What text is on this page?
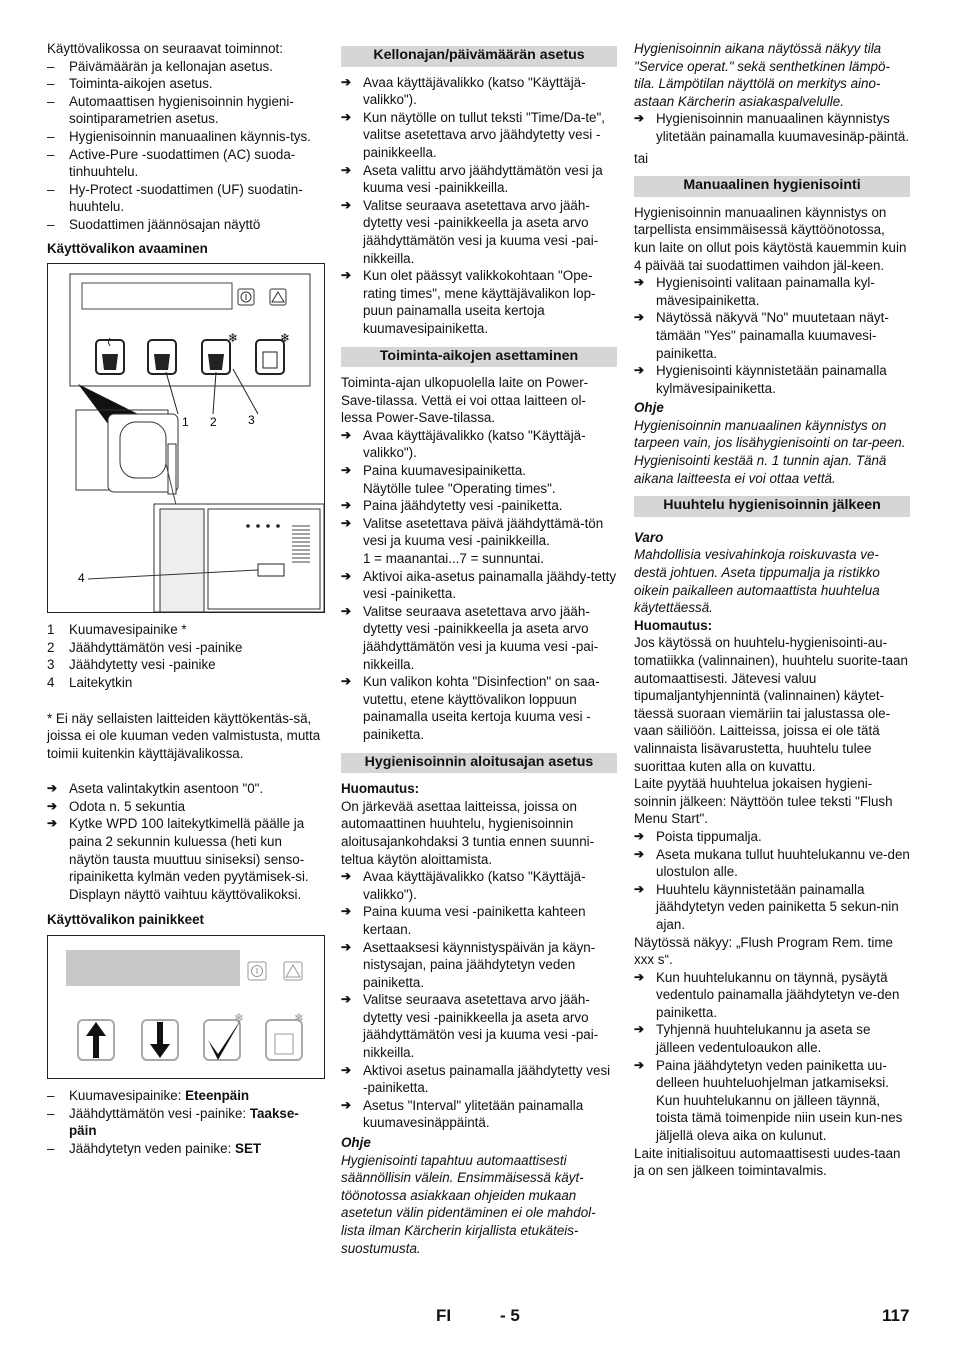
Käyttövalikossa on seuraavat toiminnot:

–	Päivämäärän ja kellonajan asetus.
–	Toiminta-aikojen asetus.
–	Automaattisen hygienisoinnin hygieni-sointiparametrien asetus.
–	Hygienisoinnin manuaalinen käynnis-tys.
–	Active-Pure -suodattimen (AC) suoda-tinhuuhtelu.
–	Hy-Protect -suodattimen (UF) suodatin-huuhtelu.
–	Suodattimen jäännösajan näyttö

Käyttövalikon avaaminen

❄	❄
1 2	3
4
1	Kuumavesipainike *
2	Jäähdyttämätön vesi -painike
3	Jäähdytetty vesi -painike
4	Laitekytkin

* Ei näy sellaisten laitteiden käyttökentäs-sä, joissa ei ole kuuman veden valmistusta, mutta toimii kuitenkin käyttäjävalikossa.

➔ Aseta valintakytkin asentoon "0".
➔ Odota n. 5 sekuntia
➔ Kytke WPD 100 laitekytkimellä päälle ja paina 2 sekunnin kuluessa (heti kun näytön tausta muuttuu siniseksi) senso-ripainiketta kylmän veden pyytämisek-si. Displayn näyttö vaihtuu käyttövalikoksi.

Käyttövalikon painikkeet

❄	❄
–	Kuumavesipainike: Eteenpäin
–	Jäähdyttämätön vesi -painike: Taakse-päin
–	Jäähdytetyn veden painike: SET
Kellonajan/päivämäärän asetus
➔ Avaa käyttäjävalikko (katso "Käyttäjä-valikko").
➔ Kun näytölle on tullut teksti "Time/Da-te", valitse asetettava arvo jäähdytetty vesi -painikkeella.
➔ Aseta valittu arvo jäähdyttämätön vesi ja kuuma vesi -painikkeilla.
➔ Valitse seuraava asetettava arvo jääh-dytetty vesi -painikkeella ja aseta arvo jäähdyttämätön vesi ja kuuma vesi -pai-nikkeilla.
➔ Kun olet päässyt valikkokohtaan "Ope-rating times", mene käyttäjävalikon lop-puun painamalla useita kertoja kuumavesipainiketta.
Toiminta-aikojen asettaminen

Toiminta-ajan ulkopuolella laite on Power-Save-tilassa. Vettä ei voi ottaa laitteen ol-lessa Power-Save-tilassa.

➔ Avaa käyttäjävalikko (katso "Käyttäjä-valikko").
➔ Paina kuumavesipainiketta.

Näytölle tulee "Operating times".

➔ Paina jäähdytetty vesi -painiketta.
➔ Valitse asetettava päivä jäähdyttämä-tön vesi ja kuuma vesi -painikkeilla.

1 = maanantai...7 = sunnuntai.

➔ Aktivoi aika-asetus painamalla jäähdy-tetty vesi -painiketta.
➔ Valitse seuraava asetettava arvo jääh-dytetty vesi -painikkeella ja aseta arvo jäähdyttämätön vesi ja kuuma vesi -pai-nikkeilla.
➔ Kun valikon kohta "Disinfection" on saa-vutettu, etene käyttövalikon loppuun painamalla useita kertoja kuuma vesi -painiketta.
Hygienisoinnin aloitusajan asetus

Huomautus:

On järkevää asettaa laitteissa, joissa on automaattinen huuhtelu, hygienisoinnin aloitusajankohdaksi 3 tuntia ennen suunni-teltua käytön aloittamista.

➔ Avaa käyttäjävalikko (katso "Käyttäjä-valikko").
➔ Paina kuuma vesi -painiketta kahteen kertaan.
➔ Asettaaksesi käynnistyspäivän ja käyn-nistysajan, paina jäähdytetyn veden painiketta.
➔ Valitse seuraava asetettava arvo jääh-dytetty vesi -painikkeella ja aseta arvo jäähdyttämätön vesi ja kuuma vesi -pai-nikkeilla.
➔ Aktivoi asetus painamalla jäähdytetty vesi -painiketta.
➔ Asetus "Interval" ylitetään painamalla kuumavesinäppäintä.

Ohje

Hygienisointi tapahtuu automaattisesti säännöllisin välein. Ensimmäisessä käyt-töönotossa asiakkaan ohjeiden mukaan asetetun välin pidentäminen ei ole mahdol-lista ilman Kärcherin kirjallista etukäteis-suostumusta.

Hygienisoinnin aikana näytössä näkyy tila "Service operat." sekä senthetkinen lämpö-tila. Lämpötilan näyttölä on merkitys aino-astaan Kärcherin asiakaspalvelulle.

➔ Hygienisoinnin manuaalinen käynnistys ylitetään painamalla kuumavesinäp-päintä.

tai

Manuaalinen hygienisointi

Hygienisoinnin manuaalinen käynnistys on tarpellista ensimmäisessä käyttöönotossa, kun laite on ollut pois käytöstä kauemmin kuin 4 päivää tai suodattimen vaihdon jäl-keen.

➔ Hygienisointi valitaan painamalla kyl-mävesipainiketta.
➔ Näytössä näkyvä "No" muutetaan näyt-tämään "Yes" painamalla kuumavesi-painiketta.
➔ Hygienisointi käynnistetään painamalla kylmävesipainiketta.

Ohje

Hygienisoinnin manuaalinen käynnistys on tarpeen vain, jos lisähygienisointi on tar-peen. Hygienisointi kestää n. 1 tunnin ajan. Tänä aikana laitteesta ei voi ottaa vettä.

Huuhtelu hygienisoinnin jälkeen

Varo

Mahdollisia vesivahinkoja roiskuvasta ve-destä johtuen. Aseta tippumalja ja ristikko oikein paikalleen automaattista huuhtelua käytettäessä.

Huomautus:

Jos käytössä on huuhtelu-hygienisointi-au-tomatiikka (valinnainen), huuhtelu suorite-taan automaattisesti. Jätevesi valuu tipumaljantyhjennintä (valinnainen) käytet-täessä suoraan viemäriin tai jalustassa ole-vaan säiliöön. Laitteissa, joissa ei ole tätä valinnaista lisävarustetta, huuhtelu tulee suorittaa kuten alla on kuvattu.

Laite pyytää huuhtelua jokaisen hygieni-soinnin jälkeen: Näyttöön tulee teksti "Flush Menu Start".

➔ Poista tippumalja.
➔ Aseta mukana tullut huuhtelukannu ve-den ulostulon alle.
➔ Huuhtelu käynnistetään painamalla jäähdytetyn veden painiketta 5 sekun-nin ajan.

Näytössä näkyy: „Flush Program Rem. time xxx s“.

➔ Kun huuhtelukannu on täynnä, pysäytä vedentulo painamalla jäähdytetyn ve-den painiketta.
➔ Tyhjennä huuhtelukannu ja aseta se jälleen vedentuloaukon alle.
➔ Paina jäähdytetyn veden painiketta uu-delleen huuhteluohjelman jatkamiseksi. Kun huuhtelukannu on jälleen täynnä, toista tämä toimenpide niin usein kun-nes jäljellä oleva aika on kulunut.

Laite initialisoituu automaattisesti uudes-taan ja on sen jälkeen toimintavalmis.

FI	- 5	117
